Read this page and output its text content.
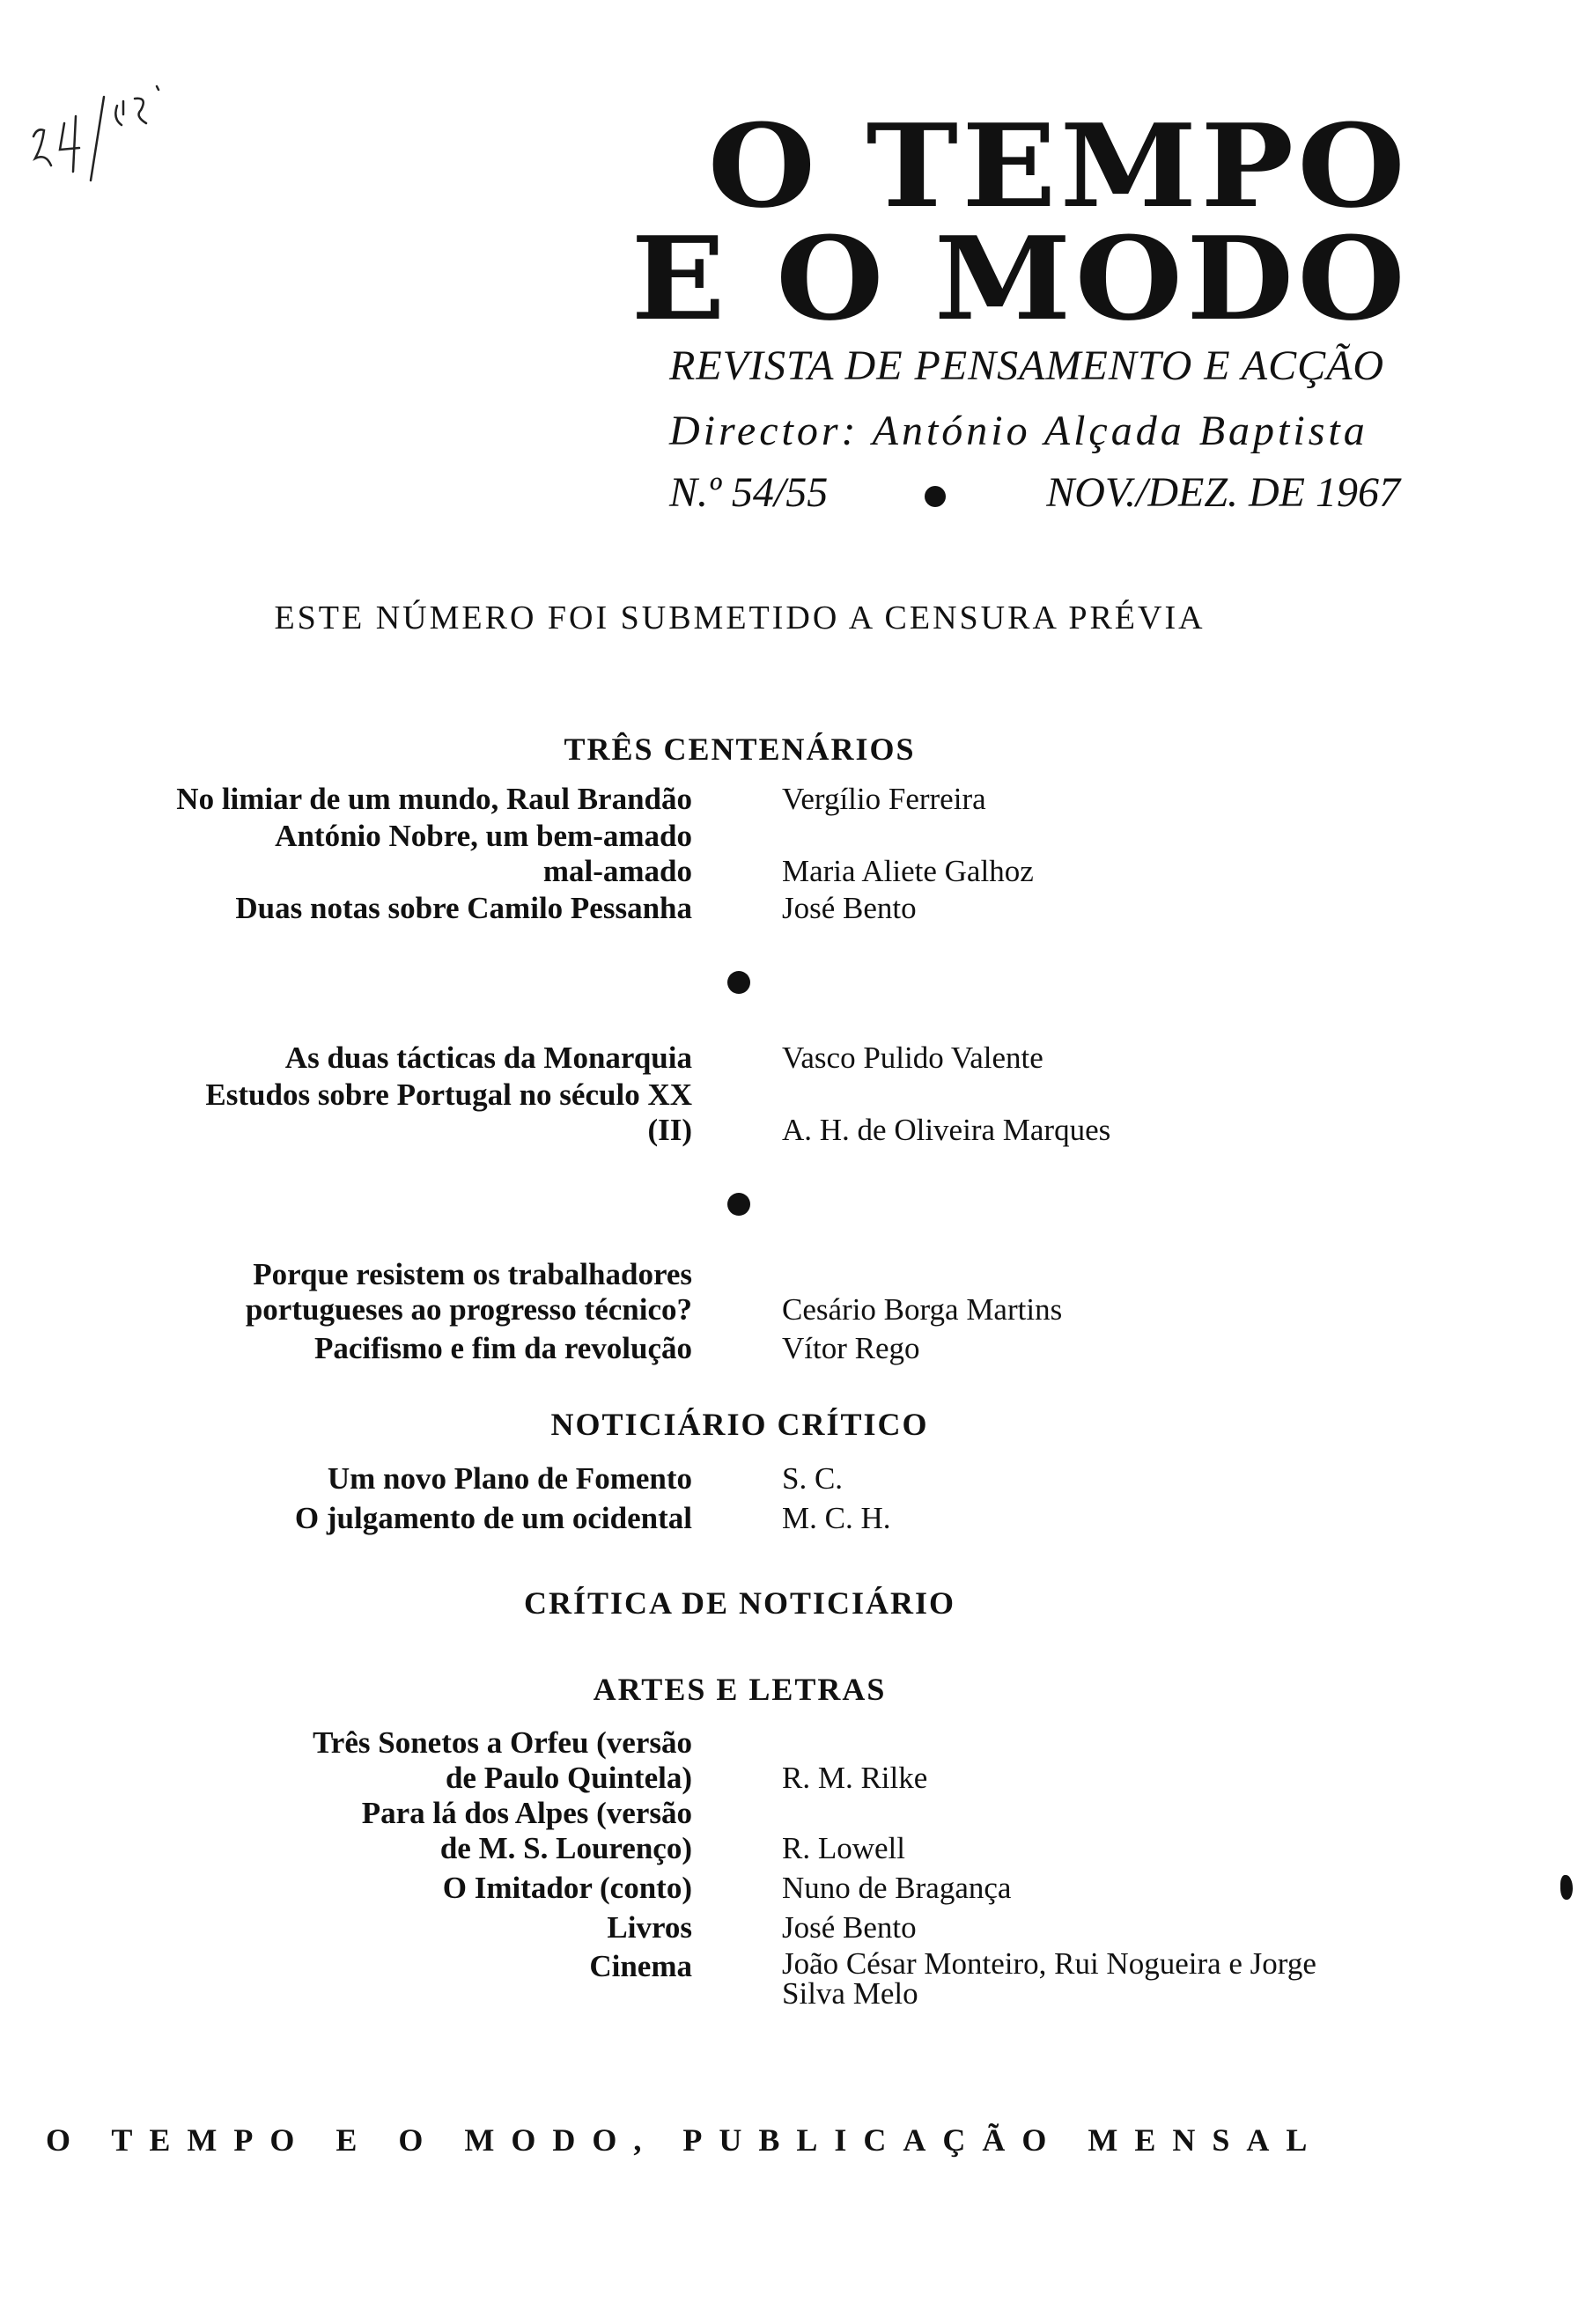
O TEMPO
E O MODO
REVISTA DE PENSAMENTO E ACÇÃO
Director: António Alçada Baptista
N.º 54/55	NOV./DEZ. DE 1967
ESTE NÚMERO FOI SUBMETIDO A CENSURA PRÉVIA
TRÊS CENTENÁRIOS
No limiar de um mundo, Raul Brandão	Vergílio Ferreira
António Nobre, um bem-amado
mal-amado	Maria Aliete Galhoz
Duas notas sobre Camilo Pessanha	José Bento
As duas tácticas da Monarquia	Vasco Pulido Valente
Estudos sobre Portugal no século XX
(II)	A. H. de Oliveira Marques
Porque resistem os trabalhadores
portugueses ao progresso técnico?	Cesário Borga Martins
Pacifismo e fim da revolução	Vítor Rego
NOTICIÁRIO CRÍTICO
Um novo Plano de Fomento	S. C.
O julgamento de um ocidental	M. C. H.
CRÍTICA DE NOTICIÁRIO
ARTES E LETRAS
Três Sonetos a Orfeu (versão
de Paulo Quintela)	R. M. Rilke
Para lá dos Alpes (versão
de M. S. Lourenço)	R. Lowell
O Imitador (conto)	Nuno de Bragança
Livros	José Bento
Cinema	João César Monteiro, Rui Nogueira e Jorge
Silva Melo
O TEMPO E O MODO, PUBLICAÇÃO MENSAL
